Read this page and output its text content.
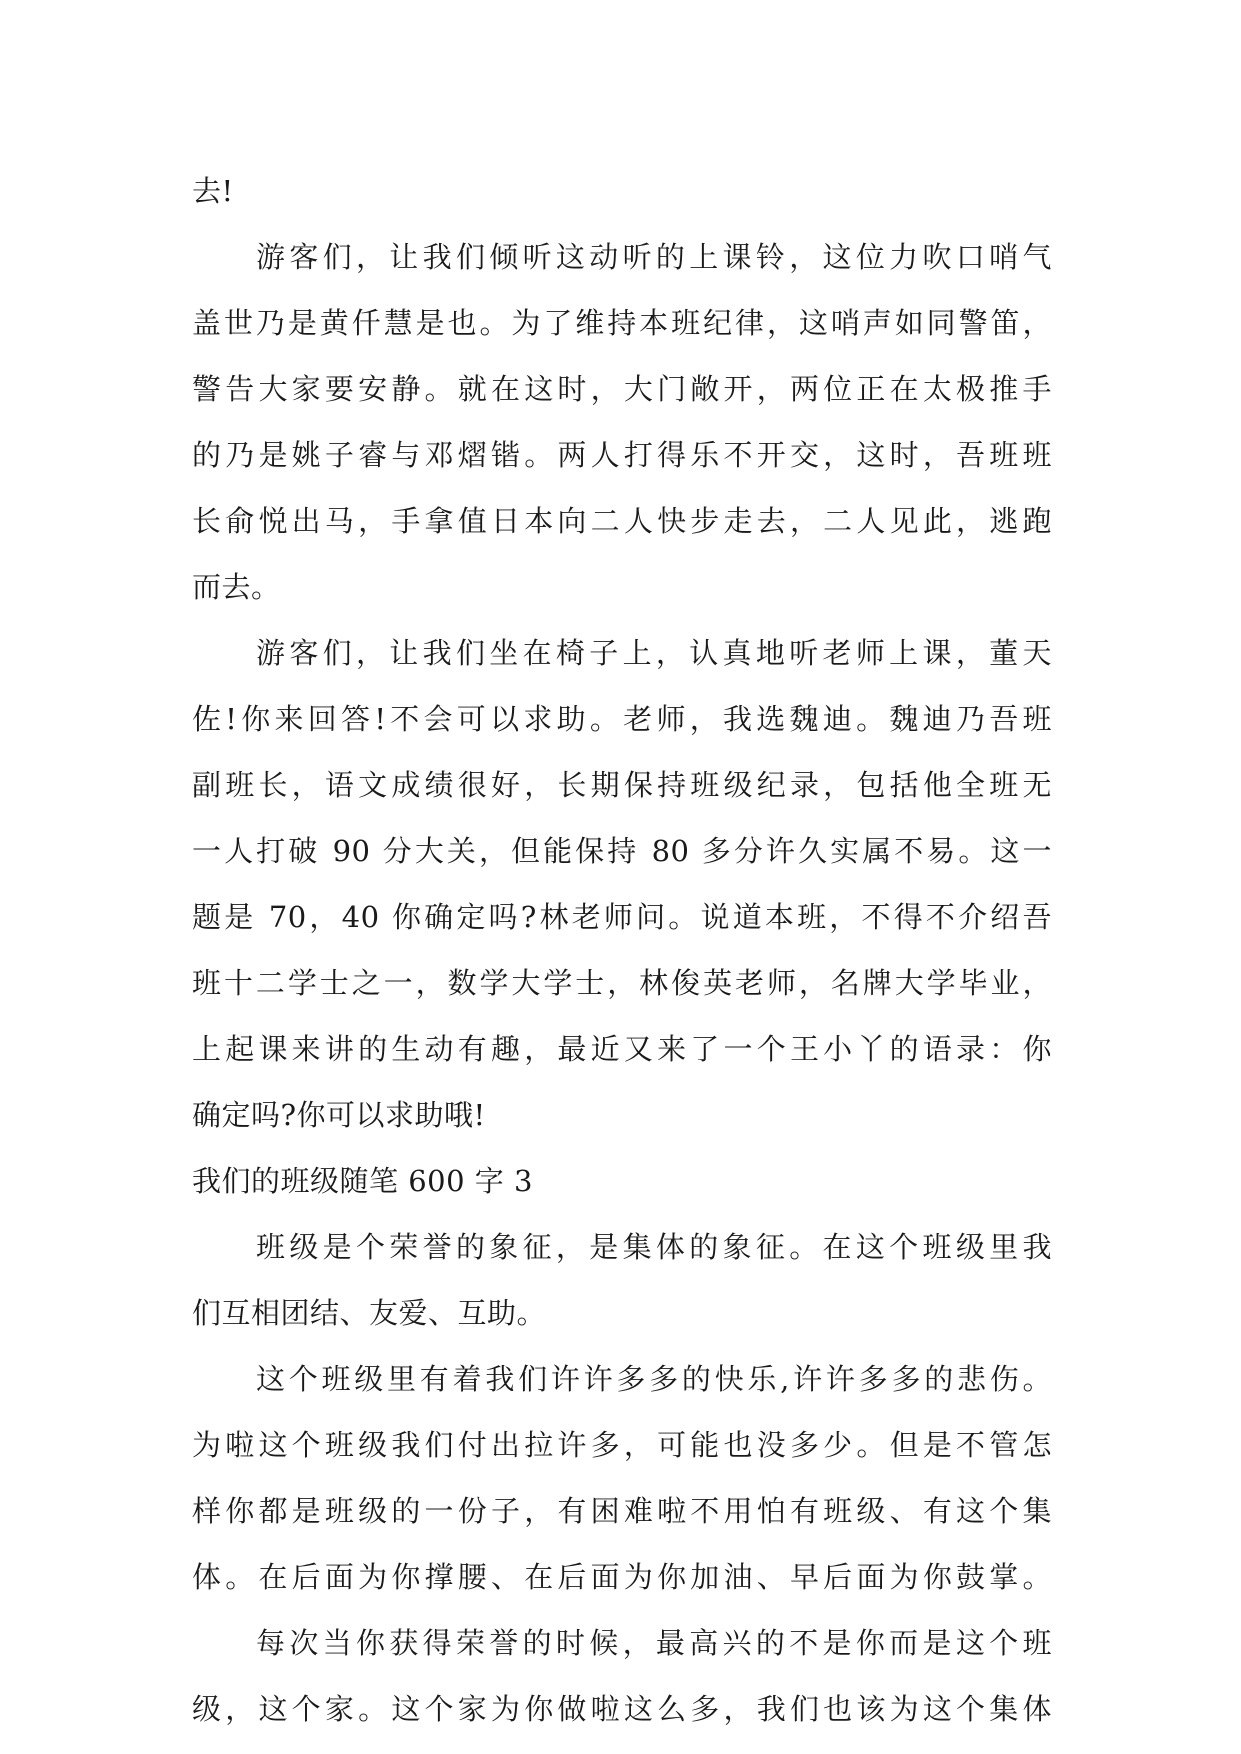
去!
游客们，让我们倾听这动听的上课铃，这位力吹口哨气
盖世乃是黄仟慧是也。为了维持本班纪律，这哨声如同警笛，
警告大家要安静。就在这时，大门敞开，两位正在太极推手
的乃是姚子睿与邓熠锴。两人打得乐不开交，这时，吾班班
长俞悦出马，手拿值日本向二人快步走去，二人见此，逃跑
而去。
游客们，让我们坐在椅子上，认真地听老师上课，董天
佐!你来回答!不会可以求助。老师，我选魏迪。魏迪乃吾班
副班长，语文成绩很好，长期保持班级纪录，包括他全班无
一人打破 90 分大关，但能保持 80 多分许久实属不易。这一
题是 70，40 你确定吗?林老师问。说道本班，不得不介绍吾
班十二学士之一，数学大学士，林俊英老师，名牌大学毕业，
上起课来讲的生动有趣，最近又来了一个王小丫的语录：你
确定吗?你可以求助哦!
我们的班级随笔 600 字 3
班级是个荣誉的象征，是集体的象征。在这个班级里我
们互相团结、友爱、互助。
这个班级里有着我们许许多多的快乐,许许多多的悲伤。
为啦这个班级我们付出拉许多，可能也没多少。但是不管怎
样你都是班级的一份子，有困难啦不用怕有班级、有这个集
体。在后面为你撑腰、在后面为你加油、早后面为你鼓掌。
每次当你获得荣誉的时候，最高兴的不是你而是这个班
级，这个家。这个家为你做啦这么多，我们也该为这个集体
